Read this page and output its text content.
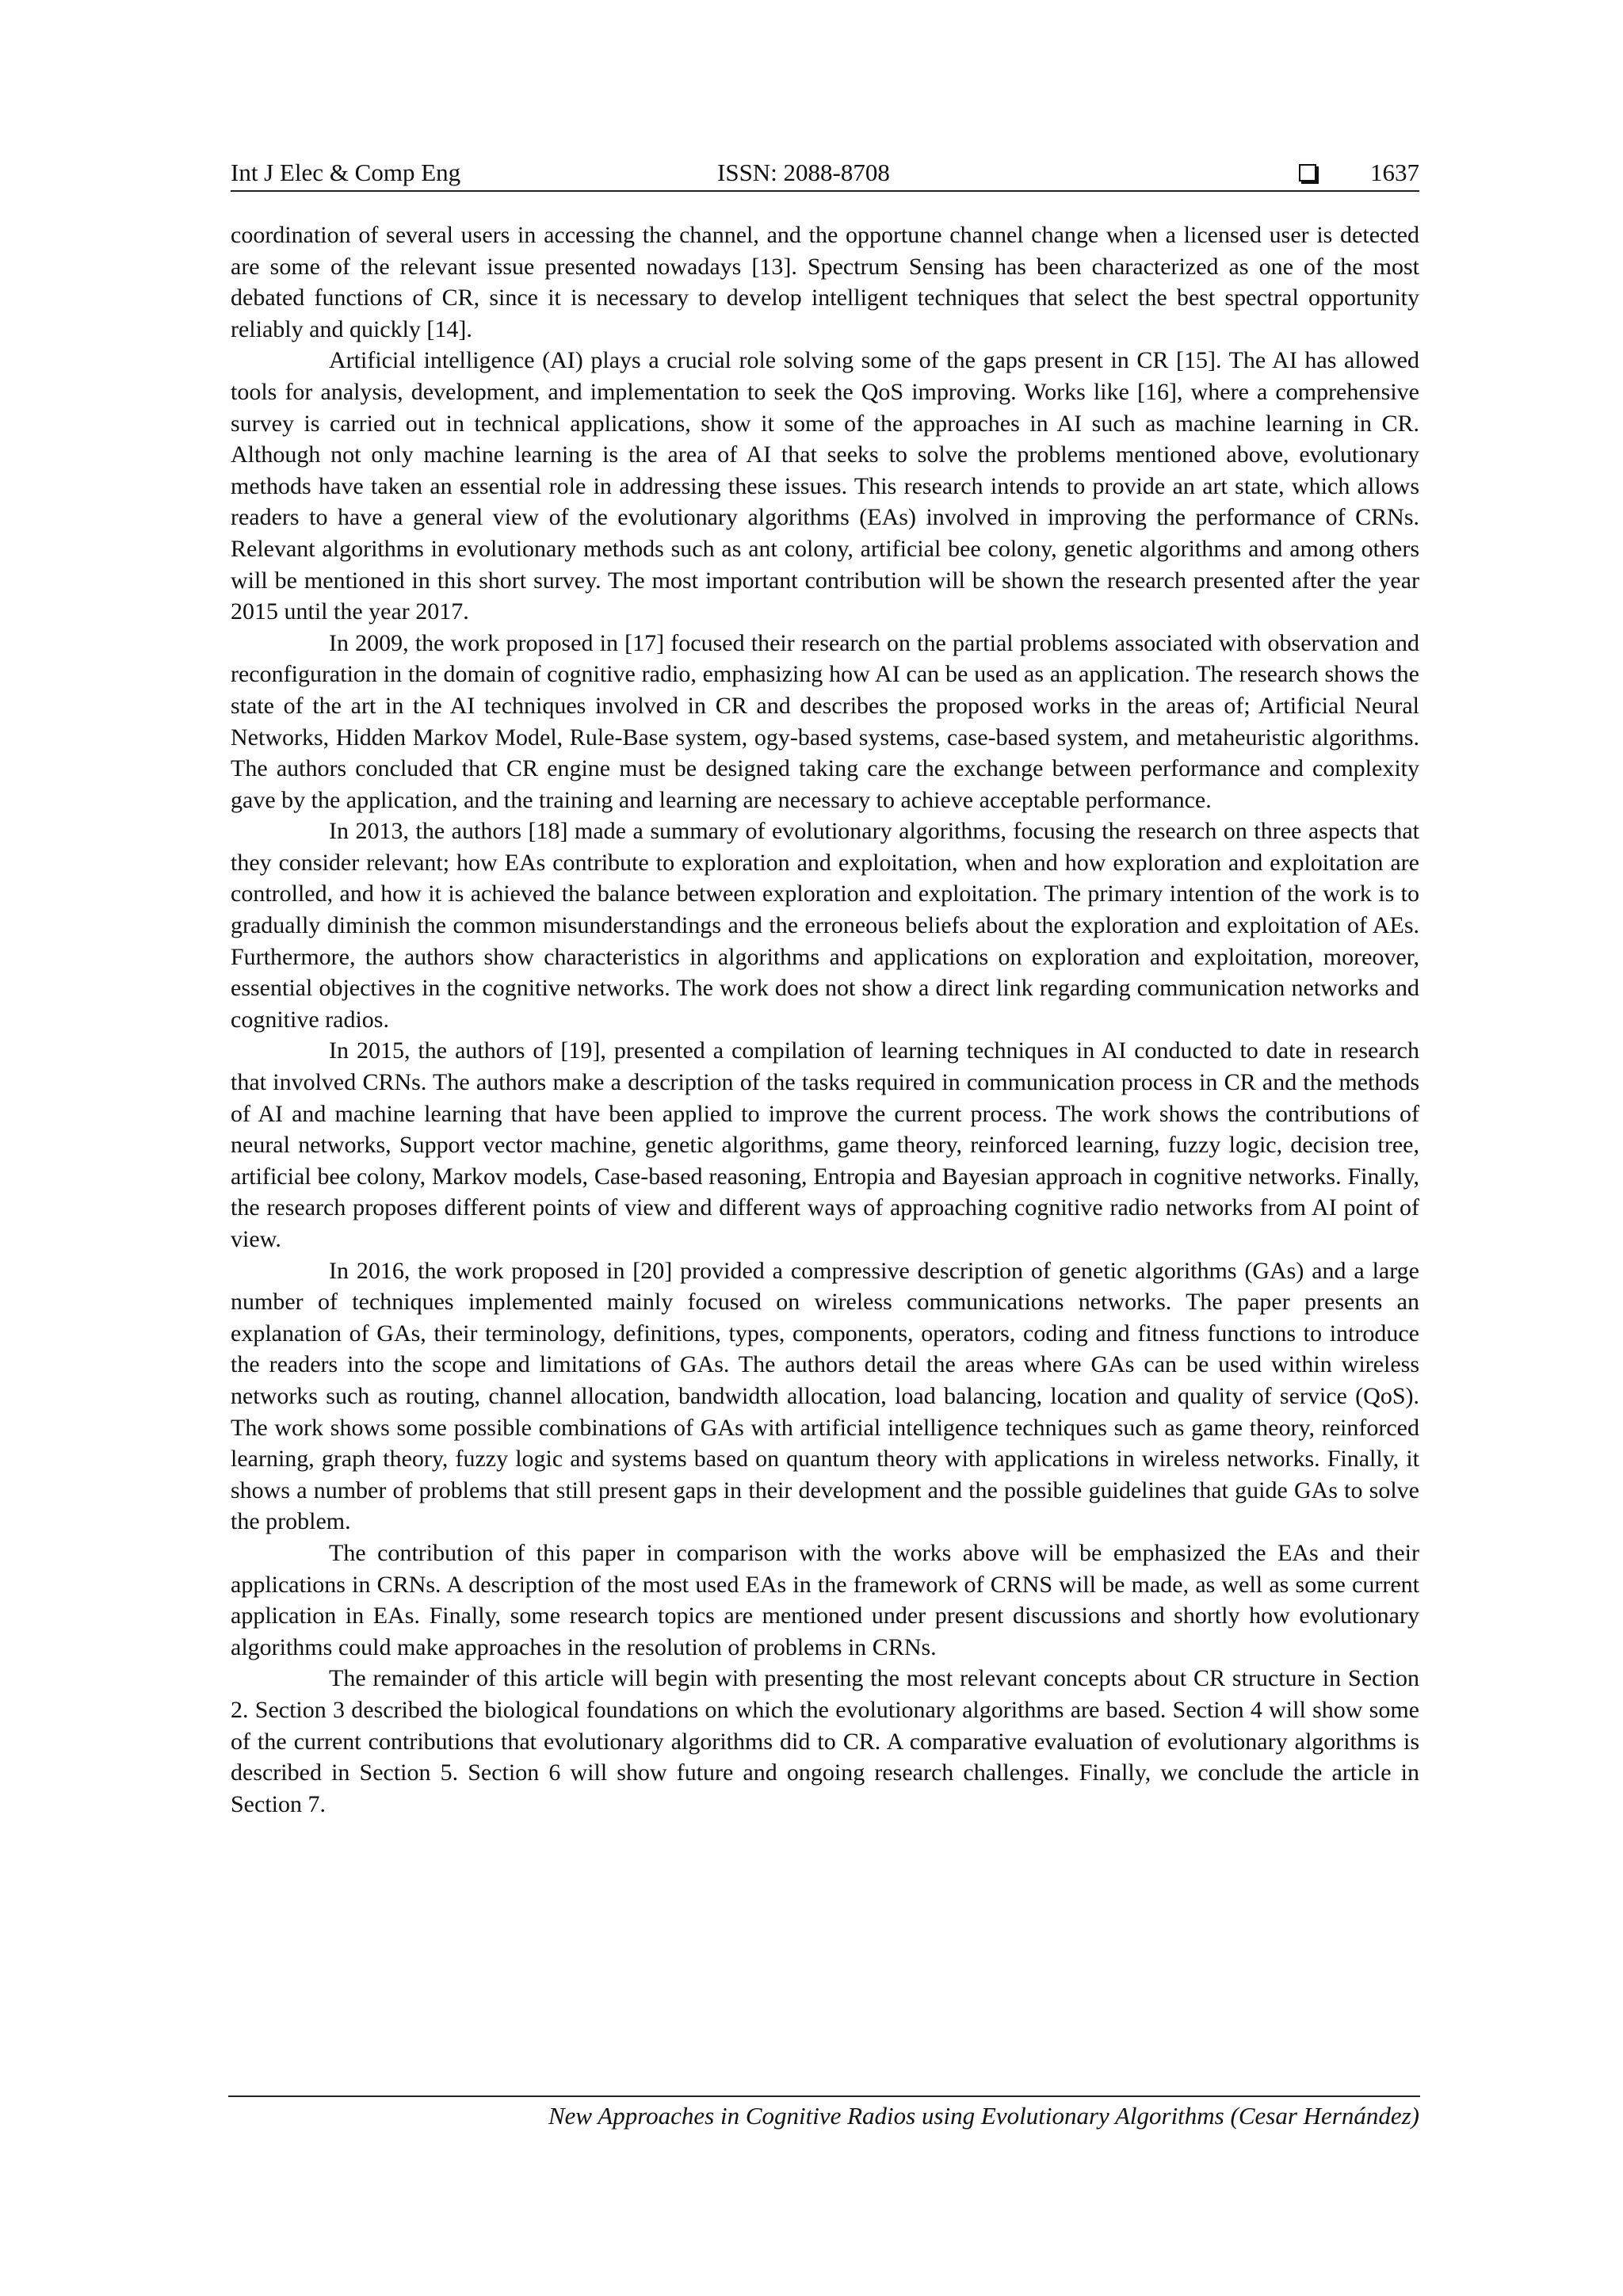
Int J Elec & Comp Eng	ISSN: 2088-8708	1637

coordination of several users in accessing the channel, and the opportune channel change when a licensed user is detected are some of the relevant issue presented nowadays [13]. Spectrum Sensing has been characterized as one of the most debated functions of CR, since it is necessary to develop intelligent techniques that select the best spectral opportunity reliably and quickly [14].

Artificial intelligence (AI) plays a crucial role solving some of the gaps present in CR [15]. The AI has allowed tools for analysis, development, and implementation to seek the QoS improving. Works like [16], where a comprehensive survey is carried out in technical applications, show it some of the approaches in AI such as machine learning in CR. Although not only machine learning is the area of AI that seeks to solve the problems mentioned above, evolutionary methods have taken an essential role in addressing these issues. This research intends to provide an art state, which allows readers to have a general view of the evolutionary algorithms (EAs) involved in improving the performance of CRNs. Relevant algorithms in evolutionary methods such as ant colony, artificial bee colony, genetic algorithms and among others will be mentioned in this short survey. The most important contribution will be shown the research presented after the year 2015 until the year 2017.

In 2009, the work proposed in [17] focused their research on the partial problems associated with observation and reconfiguration in the domain of cognitive radio, emphasizing how AI can be used as an application. The research shows the state of the art in the AI techniques involved in CR and describes the proposed works in the areas of; Artificial Neural Networks, Hidden Markov Model, Rule-Base system, ogy-based systems, case-based system, and metaheuristic algorithms. The authors concluded that CR engine must be designed taking care the exchange between performance and complexity gave by the application, and the training and learning are necessary to achieve acceptable performance.

In 2013, the authors [18] made a summary of evolutionary algorithms, focusing the research on three aspects that they consider relevant; how EAs contribute to exploration and exploitation, when and how exploration and exploitation are controlled, and how it is achieved the balance between exploration and exploitation. The primary intention of the work is to gradually diminish the common misunderstandings and the erroneous beliefs about the exploration and exploitation of AEs. Furthermore, the authors show characteristics in algorithms and applications on exploration and exploitation, moreover, essential objectives in the cognitive networks. The work does not show a direct link regarding communication networks and cognitive radios.

In 2015, the authors of [19], presented a compilation of learning techniques in AI conducted to date in research that involved CRNs. The authors make a description of the tasks required in communication process in CR and the methods of AI and machine learning that have been applied to improve the current process. The work shows the contributions of neural networks, Support vector machine, genetic algorithms, game theory, reinforced learning, fuzzy logic, decision tree, artificial bee colony, Markov models, Case-based reasoning, Entropia and Bayesian approach in cognitive networks. Finally, the research proposes different points of view and different ways of approaching cognitive radio networks from AI point of view.

In 2016, the work proposed in [20] provided a compressive description of genetic algorithms (GAs) and a large number of techniques implemented mainly focused on wireless communications networks. The paper presents an explanation of GAs, their terminology, definitions, types, components, operators, coding and fitness functions to introduce the readers into the scope and limitations of GAs. The authors detail the areas where GAs can be used within wireless networks such as routing, channel allocation, bandwidth allocation, load balancing, location and quality of service (QoS). The work shows some possible combinations of GAs with artificial intelligence techniques such as game theory, reinforced learning, graph theory, fuzzy logic and systems based on quantum theory with applications in wireless networks. Finally, it shows a number of problems that still present gaps in their development and the possible guidelines that guide GAs to solve the problem.

The contribution of this paper in comparison with the works above will be emphasized the EAs and their applications in CRNs. A description of the most used EAs in the framework of CRNS will be made, as well as some current application in EAs. Finally, some research topics are mentioned under present discussions and shortly how evolutionary algorithms could make approaches in the resolution of problems in CRNs.

The remainder of this article will begin with presenting the most relevant concepts about CR structure in Section 2. Section 3 described the biological foundations on which the evolutionary algorithms are based. Section 4 will show some of the current contributions that evolutionary algorithms did to CR. A comparative evaluation of evolutionary algorithms is described in Section 5. Section 6 will show future and ongoing research challenges. Finally, we conclude the article in Section 7.

New Approaches in Cognitive Radios using Evolutionary Algorithms (Cesar Hernández)
